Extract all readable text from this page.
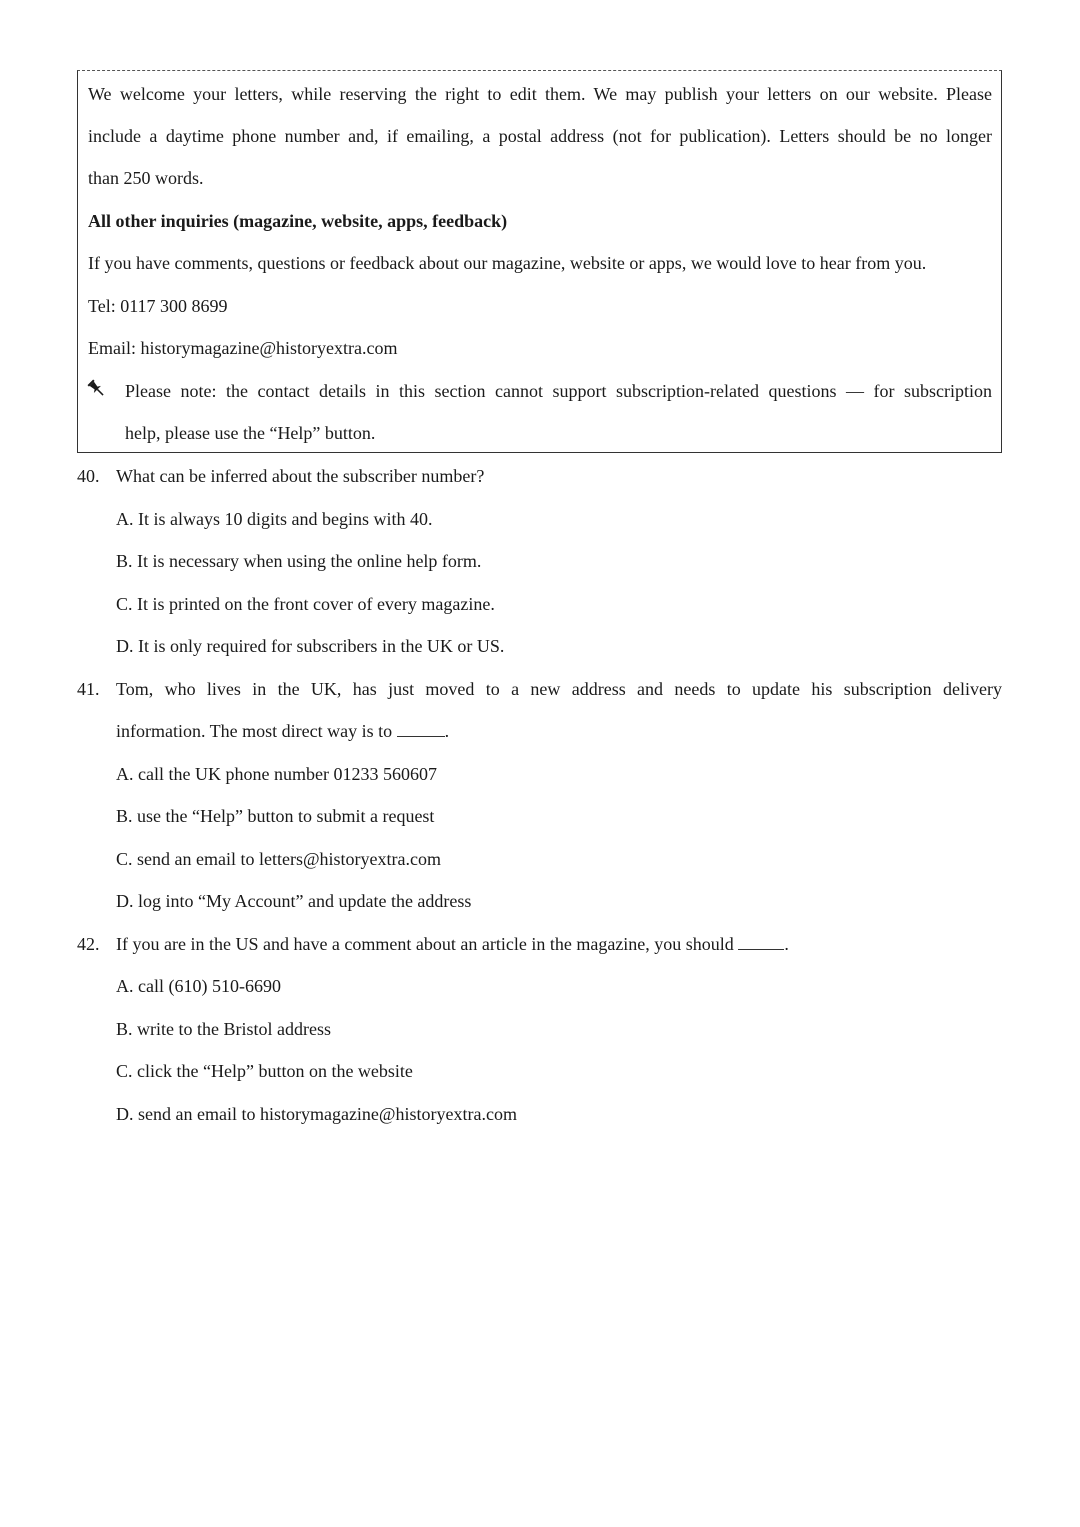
We welcome your letters, while reserving the right to edit them. We may publish your letters on our website. Please
include a daytime phone number and, if emailing, a postal address (not for publication). Letters should be no longer
than 250 words.
All other inquiries (magazine, website, apps, feedback)
If you have comments, questions or feedback about our magazine, website or apps, we would love to hear from you.
Tel: 0117 300 8699
Email: historymagazine@historyextra.com
Please note: the contact details in this section cannot support subscription-related questions — for subscription
help, please use the “Help” button.
40. What can be inferred about the subscriber number?
A. It is always 10 digits and begins with 40.
B. It is necessary when using the online help form.
C. It is printed on the front cover of every magazine.
D. It is only required for subscribers in the UK or US.
41. Tom, who lives in the UK, has just moved to a new address and needs to update his subscription delivery
information. The most direct way is to	.
A. call the UK phone number 01233 560607
B. use the “Help” button to submit a request
C. send an email to letters@historyextra.com
D. log into “My Account” and update the address
42. If you are in the US and have a comment about an article in the magazine, you should	.
A. call (610) 510-6690
B. write to the Bristol address
C. click the “Help” button on the website
D. send an email to historymagazine@historyextra.com
